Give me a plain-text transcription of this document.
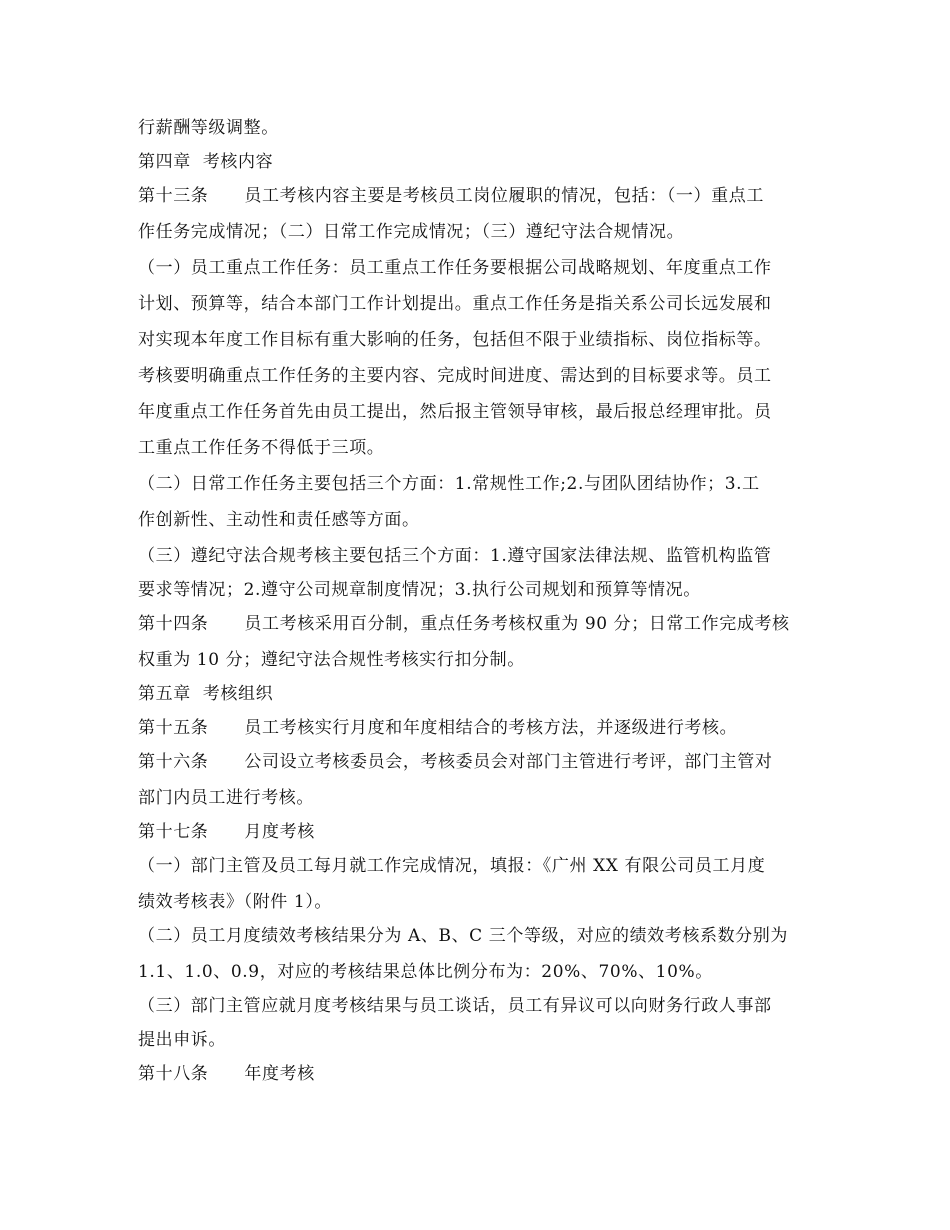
行薪酬等级调整。
第四章  考核内容
第十三条      员工考核内容主要是考核员工岗位履职的情况，包括：（一）重点工
作任务完成情况；（二）日常工作完成情况；（三）遵纪守法合规情况。
（一）员工重点工作任务：员工重点工作任务要根据公司战略规划、年度重点工作
计划、预算等，结合本部门工作计划提出。重点工作任务是指关系公司长远发展和
对实现本年度工作目标有重大影响的任务，包括但不限于业绩指标、岗位指标等。
考核要明确重点工作任务的主要内容、完成时间进度、需达到的目标要求等。员工
年度重点工作任务首先由员工提出，然后报主管领导审核，最后报总经理审批。员
工重点工作任务不得低于三项。
（二）日常工作任务主要包括三个方面：1.常规性工作;2.与团队团结协作；3.工
作创新性、主动性和责任感等方面。
（三）遵纪守法合规考核主要包括三个方面：1.遵守国家法律法规、监管机构监管
要求等情况；2.遵守公司规章制度情况；3.执行公司规划和预算等情况。
第十四条      员工考核采用百分制，重点任务考核权重为 90 分；日常工作完成考核
权重为 10 分；遵纪守法合规性考核实行扣分制。
第五章  考核组织
第十五条      员工考核实行月度和年度相结合的考核方法，并逐级进行考核。
第十六条      公司设立考核委员会，考核委员会对部门主管进行考评，部门主管对
部门内员工进行考核。
第十七条      月度考核
（一）部门主管及员工每月就工作完成情况，填报：《广州 XX 有限公司员工月度
绩效考核表》（附件 1）。
（二）员工月度绩效考核结果分为 A、B、C 三个等级，对应的绩效考核系数分别为
1.1、1.0、0.9，对应的考核结果总体比例分布为：20%、70%、10%。
（三）部门主管应就月度考核结果与员工谈话，员工有异议可以向财务行政人事部
提出申诉。
第十八条      年度考核
